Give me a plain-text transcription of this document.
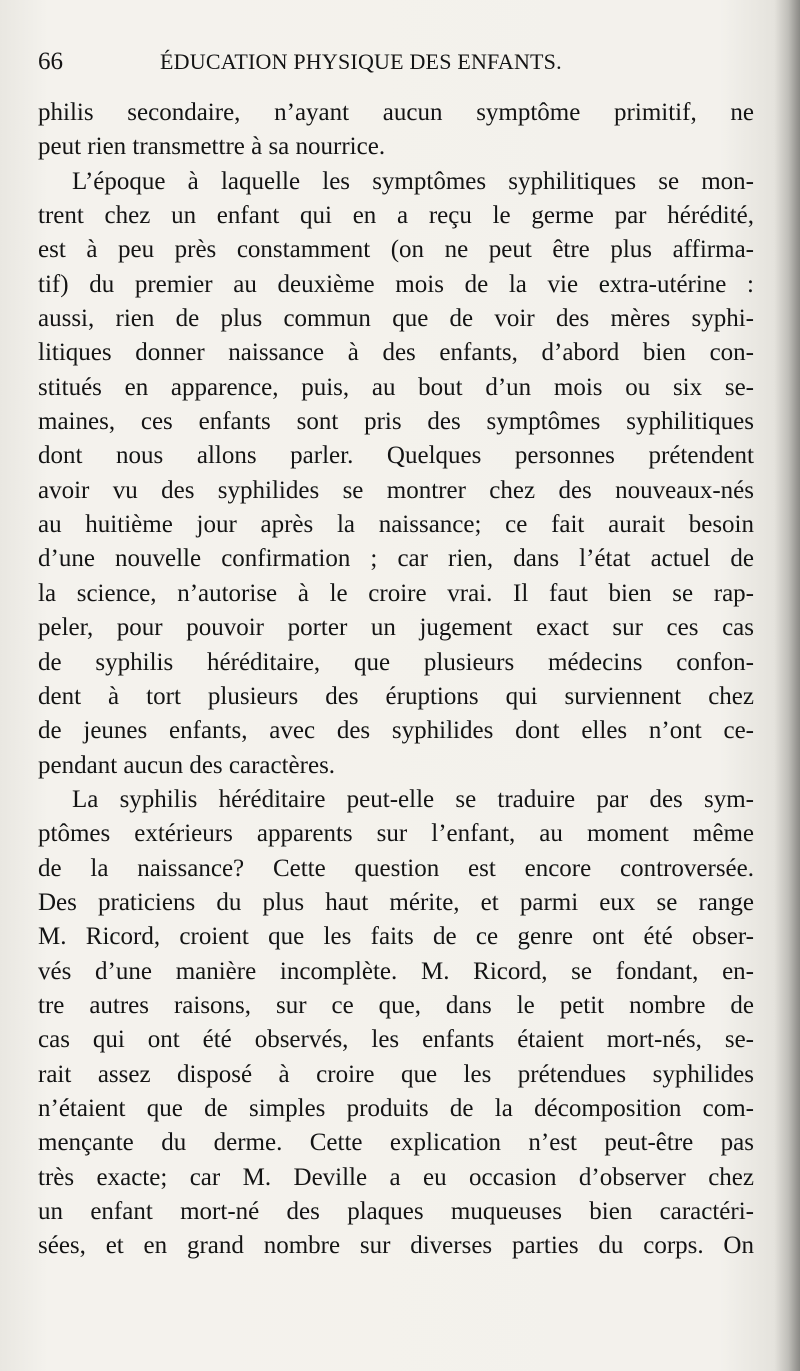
66	ÉDUCATION PHYSIQUE DES ENFANTS.
philis secondaire, n’ayant aucun symptôme primitif, ne
peut rien transmettre à sa nourrice.
L’époque à laquelle les symptômes syphilitiques se mon-
trent chez un enfant qui en a reçu le germe par hérédité,
est à peu près constamment (on ne peut être plus affirma-
tif) du premier au deuxième mois de la vie extra-utérine :
aussi, rien de plus commun que de voir des mères syphi-
litiques donner naissance à des enfants, d’abord bien con-
stitués en apparence, puis, au bout d’un mois ou six se-
maines, ces enfants sont pris des symptômes syphilitiques
dont nous allons parler. Quelques personnes prétendent
avoir vu des syphilides se montrer chez des nouveaux-nés
au huitième jour après la naissance; ce fait aurait besoin
d’une nouvelle confirmation ; car rien, dans l’état actuel de
la science, n’autorise à le croire vrai. Il faut bien se rap-
peler, pour pouvoir porter un jugement exact sur ces cas
de syphilis héréditaire, que plusieurs médecins confon-
dent à tort plusieurs des éruptions qui surviennent chez
de jeunes enfants, avec des syphilides dont elles n’ont ce-
pendant aucun des caractères.
La syphilis héréditaire peut-elle se traduire par des sym-
ptômes extérieurs apparents sur l’enfant, au moment même
de la naissance? Cette question est encore controversée.
Des praticiens du plus haut mérite, et parmi eux se range
M. Ricord, croient que les faits de ce genre ont été obser-
vés d’une manière incomplète. M. Ricord, se fondant, en-
tre autres raisons, sur ce que, dans le petit nombre de
cas qui ont été observés, les enfants étaient mort-nés, se-
rait assez disposé à croire que les prétendues syphilides
n’étaient que de simples produits de la décomposition com-
mençante du derme. Cette explication n’est peut-être pas
très exacte; car M. Deville a eu occasion d’observer chez
un enfant mort-né des plaques muqueuses bien caractéri-
sées, et en grand nombre sur diverses parties du corps. On
